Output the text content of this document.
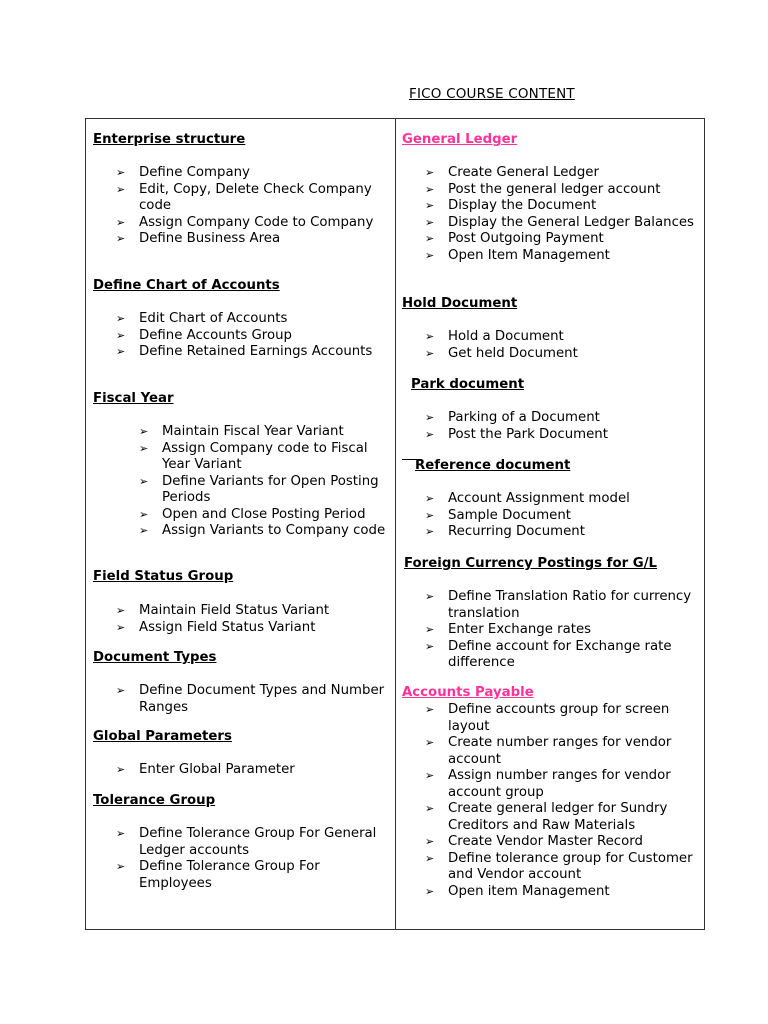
FICO COURSE CONTENT
Enterprise structure
➢ Define Company
➢ Edit, Copy, Delete Check Company code
➢ Assign Company Code to Company
➢ Define Business Area
Define Chart of Accounts
➢ Edit Chart of Accounts
➢ Define Accounts Group
➢ Define Retained Earnings Accounts
Fiscal Year
➢ Maintain Fiscal Year Variant
➢ Assign Company code to Fiscal Year Variant
➢ Define Variants for Open Posting Periods
➢ Open and Close Posting Period
➢ Assign Variants to Company code
Field Status Group
➢ Maintain Field Status Variant
➢ Assign Field Status Variant
Document Types
➢ Define Document Types and Number Ranges
Global Parameters
➢ Enter Global Parameter
Tolerance Group
➢ Define Tolerance Group For General Ledger accounts
➢ Define Tolerance Group For Employees
General Ledger
➢ Create General Ledger
➢ Post the general ledger account
➢ Display the Document
➢ Display the General Ledger Balances
➢ Post Outgoing Payment
➢ Open Item Management
Hold Document
➢ Hold a Document
➢ Get held Document
Park document
➢ Parking of a Document
➢ Post the Park Document
Reference document
➢ Account Assignment model
➢ Sample Document
➢ Recurring Document
Foreign Currency Postings for G/L
➢ Define Translation Ratio for currency translation
➢ Enter Exchange rates
➢ Define account for Exchange rate difference
Accounts Payable
➢ Define accounts group for screen layout
➢ Create number ranges for vendor account
➢ Assign number ranges for vendor account group
➢ Create general ledger for Sundry Creditors and Raw Materials
➢ Create Vendor Master Record
➢ Define tolerance group for Customer and Vendor account
➢ Open item Management
